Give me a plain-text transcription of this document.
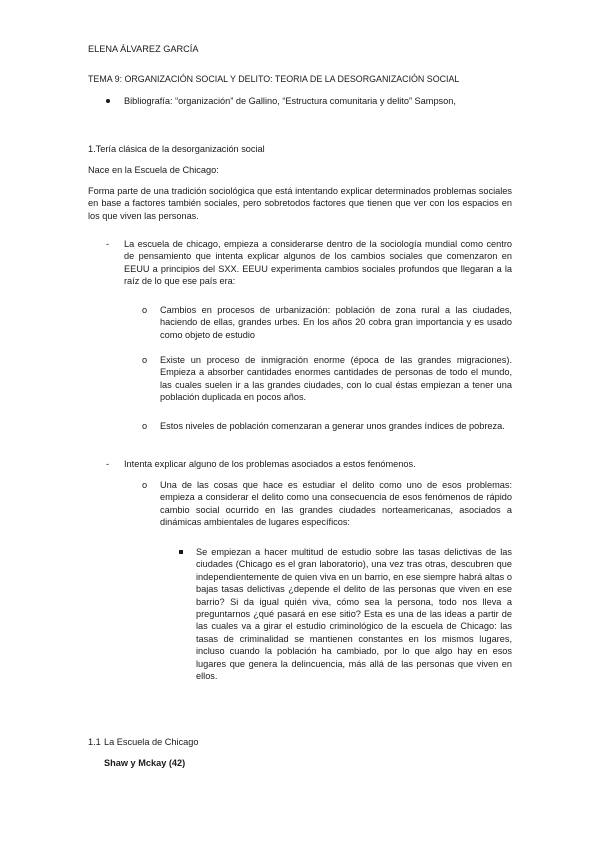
ELENA ÁLVAREZ GARCÍA
TEMA 9: ORGANIZACIÓN SOCIAL Y DELITO: TEORIA DE LA DESORGANIZACIÓN SOCIAL
Bibliografía: “organización” de Gallino, “Estructura comunitaria y delito” Sampson,
1.Tería clásica de la desorganización social
Nace en la Escuela de Chicago:
Forma parte de una tradición sociológica que está intentando explicar determinados problemas sociales en base a factores también sociales, pero sobretodos factores que tienen que ver con los espacios en los que viven las personas.
- La escuela de chicago, empieza a considerarse dentro de la sociología mundial como centro de pensamiento que intenta explicar algunos de los cambios sociales que comenzaron en EEUU a principios del SXX. EEUU experimenta cambios sociales profundos que llegaran a la raíz de lo que ese país era:
o Cambios en procesos de urbanización: población de zona rural a las ciudades, haciendo de ellas, grandes urbes. En los años 20 cobra gran importancia y es usado como objeto de estudio
o Existe un proceso de inmigración enorme (época de las grandes migraciones). Empieza a absorber cantidades enormes cantidades de personas de todo el mundo, las cuales suelen ir a las grandes ciudades, con lo cual éstas empiezan a tener una población duplicada en pocos años.
o Estos niveles de población comenzaran a generar unos grandes índices de pobreza.
- Intenta explicar alguno de los problemas asociados a estos fenómenos.
o Una de las cosas que hace es estudiar el delito como uno de esos problemas: empieza a considerar el delito como una consecuencia de esos fenómenos de rápido cambio social ocurrido en las grandes ciudades norteamericanas, asociados a dinámicas ambientales de lugares específicos:
Se empiezan a hacer multitud de estudio sobre las tasas delictivas de las ciudades (Chicago es el gran laboratorio), una vez tras otras, descubren que independientemente de quien viva en un barrio, en ese siempre habrá altas o bajas tasas delictivas ¿depende el delito de las personas que viven en ese barrio? Si da igual quién viva, cómo sea la persona, todo nos lleva a preguntarnos ¿qué pasará en ese sitio? Esta es una de las ideas a partir de las cuales va a girar el estudio criminológico de la escuela de Chicago: las tasas de criminalidad se mantienen constantes en los mismos lugares, incluso cuando la población ha cambiado, por lo que algo hay en esos lugares que genera la delincuencia, más allá de las personas que viven en ellos.
1.1 La Escuela de Chicago
Shaw y Mckay (42)
